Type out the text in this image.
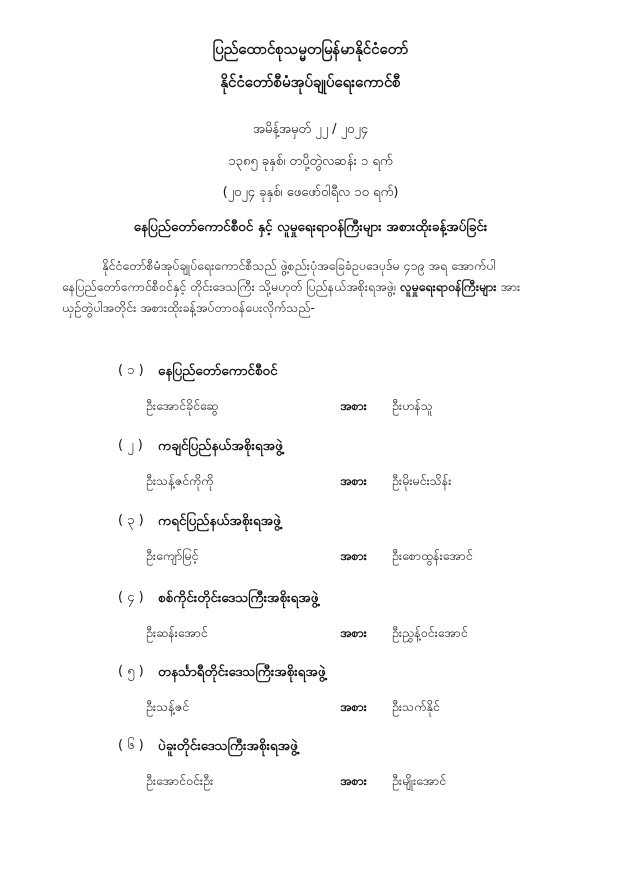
ပြည်ထောင်စုသမ္မတမြန်မာနိုင်ငံတော်
နိုင်ငံတော်စီမံအုပ်ချုပ်ရေးကောင်စီ
အမိန့်အမှတ် ၂၂ / ၂၀၂၄
၁၃၈၅ ခုနှစ်၊ တပို့တွဲလဆန်း ၁ ရက်
(၂၀၂၄ ခုနှစ်၊ ဖေဖော်ဝါရီလ ၁၀ ရက်)
နေပြည်တော်ကောင်စီဝင် နှင့် လူမှုရေးရာဝန်ကြီးများ အစားထိုးခန့်အပ်ခြင်း
နိုင်ငံတော်စီမံအုပ်ချုပ်ရေးကောင်စီသည် ဖွဲ့စည်းပုံအခြေခံဥပဒေပုဒ်မ ၄၁၉ အရ အောက်ပါ
နေပြည်တော်ကောင်စီဝင်နှင့် တိုင်းဒေသကြီး သို့မဟုတ် ပြည်နယ်အစိုးရအဖွဲ့၊ လူမှုရေးရာဝန်ကြီးများ အား
ယှဉ်တွဲပါအတိုင်း အစားထိုးခန့်အပ်တာဝန်ပေးလိုက်သည်-
( ၁ ) နေပြည်တော်ကောင်စီဝင်
ဦးအောင်ခိုင်ဆွေ	အစား ဦးဟန်သူ
( ၂ ) ကချင်ပြည်နယ်အစိုးရအဖွဲ့
ဦးသန့်ဇင်ကိုကို	အစား ဦးမိုးမင်းသိန်း
( ၃ ) ကရင်ပြည်နယ်အစိုးရအဖွဲ့
ဦးကျော်မြင့်	အစား ဦးစောထွန်းအောင်
( ၄ ) စစ်ကိုင်းတိုင်းဒေသကြီးအစိုးရအဖွဲ့
ဦးဆန်းအောင်	အစား ဦးညွှန့်ဝင်းအောင်
( ၅ ) တနင်္သာရီတိုင်းဒေသကြီးအစိုးရအဖွဲ့
ဦးသန့်ဇင်	အစား ဦးသက်နိုင်
( ၆ ) ပဲခူးတိုင်းဒေသကြီးအစိုးရအဖွဲ့
ဦးအောင်ဝင်းဦး	အစား ဦးမျိုးအောင်
